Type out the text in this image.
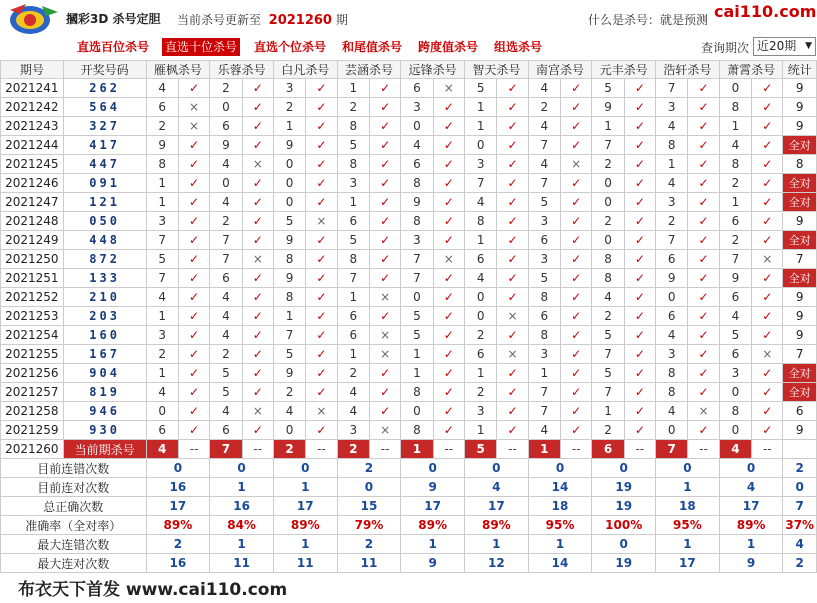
摑彩3D 杀号定胆 当前杀号更新至 2021260 期	什么是杀号：就是预测 cai110.com
直选百位杀号 直选十位杀号 直选个位杀号 和尾值杀号 跨度值杀号 组选杀号	查询期次 近20期 ▼
期号	开奖号码	雁枫杀号		乐蓉杀号		白凡杀号		芸涵杀号		远锋杀号		智天杀号		南宫杀号		元丰杀号		浩轩杀号		萧霄杀号		统计
2021241	262	4	✓	2	✓	3	✓	1	✓	6	×	5	✓	4	✓	5	✓	7	✓	0	✓	9
2021242	564	6	×	0	✓	2	✓	2	✓	3	✓	1	✓	2	✓	9	✓	3	✓	8	✓	9
2021243	327	2	×	6	✓	1	✓	8	✓	0	✓	1	✓	4	✓	1	✓	4	✓	1	✓	9
2021244	417	9	✓	9	✓	9	✓	5	✓	4	✓	0	✓	7	✓	7	✓	8	✓	4	✓	全对
2021245	447	8	✓	4	×	0	✓	8	✓	6	✓	3	✓	4	×	2	✓	1	✓	8	✓	8
2021246	091	1	✓	0	✓	0	✓	3	✓	8	✓	7	✓	7	✓	0	✓	4	✓	2	✓	全对
2021247	121	1	✓	4	✓	0	✓	1	✓	9	✓	4	✓	5	✓	0	✓	3	✓	1	✓	全对
2021248	050	3	✓	2	✓	5	×	6	✓	8	✓	8	✓	3	✓	2	✓	2	✓	6	✓	9
2021249	448	7	✓	7	✓	9	✓	5	✓	3	✓	1	✓	6	✓	0	✓	7	✓	2	✓	全对
2021250	872	5	✓	7	×	8	✓	8	✓	7	×	6	✓	3	✓	8	✓	6	✓	7	×	7
2021251	133	7	✓	6	✓	9	✓	7	✓	7	✓	4	✓	5	✓	8	✓	9	✓	9	✓	全对
2021252	210	4	✓	4	✓	8	✓	1	×	0	✓	0	✓	8	✓	4	✓	0	✓	6	✓	9
2021253	203	1	✓	4	✓	1	✓	6	✓	5	✓	0	×	6	✓	2	✓	6	✓	4	✓	9
2021254	160	3	✓	4	✓	7	✓	6	×	5	✓	2	✓	8	✓	5	✓	4	✓	5	✓	9
2021255	167	2	✓	2	✓	5	✓	1	×	1	✓	6	×	3	✓	7	✓	3	✓	6	×	7
2021256	904	1	✓	5	✓	9	✓	2	✓	1	✓	1	✓	1	✓	5	✓	8	✓	3	✓	全对
2021257	819	4	✓	5	✓	2	✓	4	✓	8	✓	2	✓	7	✓	7	✓	8	✓	0	✓	全对
2021258	946	0	✓	4	×	4	×	4	✓	0	✓	3	✓	7	✓	1	✓	4	×	8	✓	6
2021259	930	6	✓	6	✓	0	✓	3	×	8	✓	1	✓	4	✓	2	✓	0	✓	0	✓	9
2021260	当前期杀号	4	--	7	--	2	--	2	--	1	--	5	--	1	--	6	--	7	--	4	--	
目前连错次数		0		0		0		2		0		0		0		0		0		0		2
目前连对次数		16		1		1		0		9		4		14		19		1		4		0
总正确次数		17		16		17		15		17		17		18		19		18		17		7
准确率（全对率）		89%		84%		89%		79%		89%		89%		95%		100%		95%		89%		37%
最大连错次数		2		1		1		2		1		1		1		0		1		1		4
最大连对次数		16		11		11		11		9		12		14		19		17		9		2
布衣天下首发 www.cai110.com
